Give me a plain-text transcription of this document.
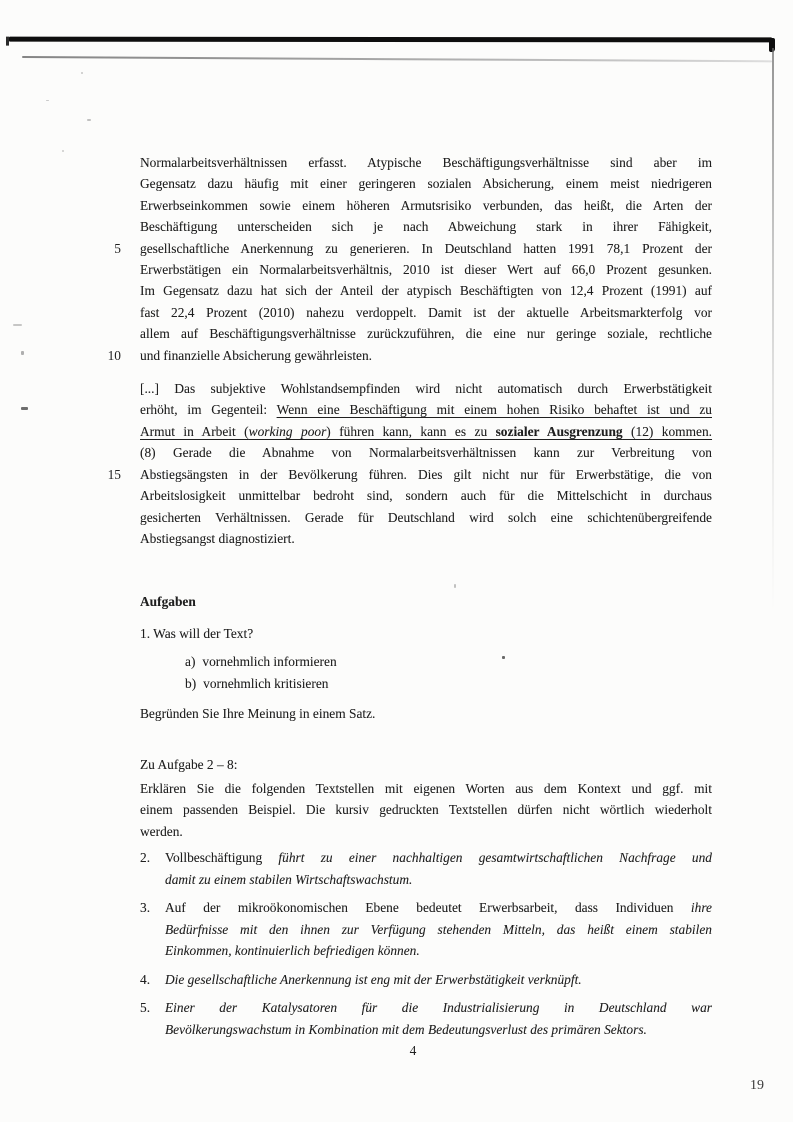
5
10
15
Normalarbeitsverhältnissen erfasst. Atypische Beschäftigungsverhältnisse sind aber im
Gegensatz dazu häufig mit einer geringeren sozialen Absicherung, einem meist niedrigeren
Erwerbseinkommen sowie einem höheren Armutsrisiko verbunden, das heißt, die Arten der
Beschäftigung unterscheiden sich je nach Abweichung stark in ihrer Fähigkeit,
gesellschaftliche Anerkennung zu generieren. In Deutschland hatten 1991 78,1 Prozent der
Erwerbstätigen ein Normalarbeitsverhältnis, 2010 ist dieser Wert auf 66,0 Prozent gesunken.
Im Gegensatz dazu hat sich der Anteil der atypisch Beschäftigten von 12,4 Prozent (1991) auf
fast 22,4 Prozent (2010) nahezu verdoppelt. Damit ist der aktuelle Arbeitsmarkterfolg vor
allem auf Beschäftigungsverhältnisse zurückzuführen, die eine nur geringe soziale, rechtliche
und finanzielle Absicherung gewährleisten.
[...] Das subjektive Wohlstandsempfinden wird nicht automatisch durch Erwerbstätigkeit
erhöht, im Gegenteil: Wenn eine Beschäftigung mit einem hohen Risiko behaftet ist und zu
Armut in Arbeit (working poor) führen kann, kann es zu sozialer Ausgrenzung (12) kommen.
(8) Gerade die Abnahme von Normalarbeitsverhältnissen kann zur Verbreitung von
Abstiegsängsten in der Bevölkerung führen. Dies gilt nicht nur für Erwerbstätige, die von
Arbeitslosigkeit unmittelbar bedroht sind, sondern auch für die Mittelschicht in durchaus
gesicherten Verhältnissen. Gerade für Deutschland wird solch eine schichtenübergreifende
Abstiegsangst diagnostiziert.
Aufgaben
1. Was will der Text?
a) vornehmlich informieren
b) vornehmlich kritisieren
Begründen Sie Ihre Meinung in einem Satz.
Zu Aufgabe 2 – 8:
Erklären Sie die folgenden Textstellen mit eigenen Worten aus dem Kontext und ggf. mit
einem passenden Beispiel. Die kursiv gedruckten Textstellen dürfen nicht wörtlich wiederholt
werden.
2.	Vollbeschäftigung führt zu einer nachhaltigen gesamtwirtschaftlichen Nachfrage und
damit zu einem stabilen Wirtschaftswachstum.
3.	Auf der mikroökonomischen Ebene bedeutet Erwerbsarbeit, dass Individuen ihre
Bedürfnisse mit den ihnen zur Verfügung stehenden Mitteln, das heißt einem stabilen
Einkommen, kontinuierlich befriedigen können.
4.	Die gesellschaftliche Anerkennung ist eng mit der Erwerbstätigkeit verknüpft.
5.	Einer der Katalysatoren für die Industrialisierung in Deutschland war
Bevölkerungswachstum in Kombination mit dem Bedeutungsverlust des primären Sektors.
4
19
